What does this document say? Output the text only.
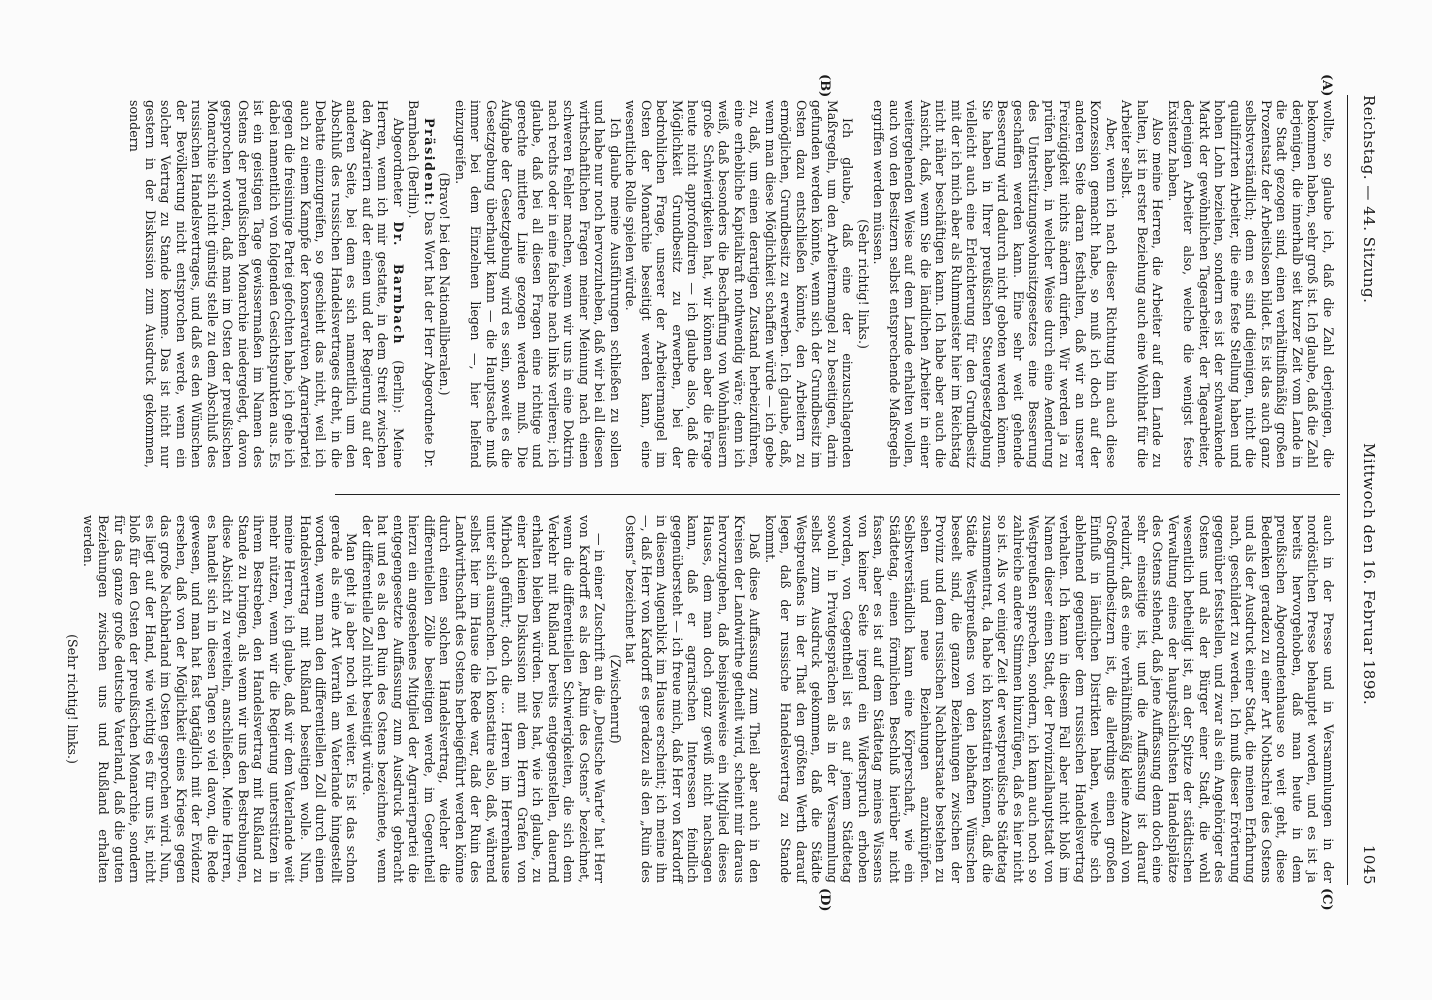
Reichstag. — 44. Sitzung.
Mittwoch den 16. Februar 1898.
1045
(A)
(B)
(C)
(D)

wollte, so glaube ich, daß die Zahl derjenigen, die bekommen haben, sehr groß ist. Ich glaube, daß die Zahl derjenigen, die innerhalb seit kurzer Zeit vom Lande in die Stadt gezogen sind, einen verhältnißmäßig großen Prozentsatz der Arbeitslosen bildet. Es ist das auch ganz selbstverständlich; denn es sind diejenigen, nicht die qualifizirten Arbeiter, die eine feste Stellung haben und hohen Lohn beziehen, sondern es ist der schwankende Markt der gewöhnlichen Tagearbeiter, der Tagearbeiter, derjenigen Arbeiter also, welche die wenigst feste Existenz haben.

Also meine Herren, die Arbeiter auf dem Lande zu halten, ist in erster Beziehung auch eine Wohlthat für die Arbeiter selbst.

Aber, wenn ich nach dieser Richtung hin auch diese Konzession gemacht habe, so muß ich doch auf der anderen Seite daran festhalten, daß wir an unserer Freizügigkeit nichts ändern dürfen. Wir werden ja zu prüfen haben, in welcher Weise durch eine Aenderung des Unterstützungswohnsitzgesetzes eine Besserung geschaffen werden kann. Eine sehr weit gehende Besserung wird dadurch nicht geboten werden können. Sie haben in Ihrer preußischen Steuergesetzgebung vielleicht auch eine Erleichterung für den Grundbesitz mit der ich mich aber als Ruhmmeister hier im Reichstag nicht näher beschäftigen kann. Ich habe aber auch die Ansicht, daß, wenn Sie die ländlichen Arbeiter in einer weitergehenden Weise auf dem Lande erhalten wollen, auch von den Besitzern selbst entsprechende Maßregeln ergriffen werden müssen.

(Sehr richtig! links.)

Ich glaube, daß eine der einzuschlagenden Maßregeln, um den Arbeitermangel zu beseitigen, darin gefunden werden könnte, wenn sich der Grundbesitz im Osten dazu entschließen könnte, den Arbeitern zu ermöglichen, Grundbesitz zu erwerben. Ich glaube, daß, wenn man diese Möglichkeit schaffen würde — ich gebe zu, daß, um einen derartigen Zustand herbeizuführen, eine erhebliche Kapitalkraft nothwendig wäre; denn ich weiß, daß besonders die Beschaffung von Wohnhäusern große Schwierigkeiten hat, wir können aber die Frage heute nicht approfondiren — ich glaube also, daß die Möglichkeit Grundbesitz zu erwerben, bei der bedrohlichen Frage, unserer der Arbeitermangel im Osten der Monarchie beseitigt werden kann, eine wesentliche Rolle spielen würde.

Ich glaube meine Ausführungen schließen zu sollen und habe nur noch hervorzuheben, daß wir bei all diesen wirthschaftlichen Fragen meiner Meinung nach einen schweren Fehler machen, wenn wir uns in eine Doktrin nach rechts oder in eine falsche nach links verlieren; ich glaube, daß bei all diesen Fragen eine richtige und gerechte mittlere Linie gezogen werden muß. Die Aufgabe der Gesetzgebung wird es sein, soweit es die Gesetzgebung überhaupt kann — die Hauptsache muß immer bei dem Einzelnen liegen —, hier helfend einzugreifen.

(Bravo! bei den Nationalliberalen.)

Präsident: Das Wort hat der Herr Abgeordnete Dr. Barnbach (Berlin).

Abgeordneter Dr. Barnbach (Berlin): Meine Herren, wenn ich mir gestatte, in dem Streit zwischen den Agrariern auf der einen und der Regierung auf der anderen Seite, bei dem es sich namentlich um den Abschluß des russischen Handelsvertrages dreht, in die Debatte einzugreifen, so geschieht das nicht, weil ich auch zu einem Kampfe der konservativen Agrarierpartei gegen die freisinnige Partei gefochten habe, ich gehe ich dabei namentlich von folgenden Gesichtspunkten aus. Es ist ein geistigen Tage gewissermaßen im Namen des Ostens der preußischen Monarchie niedergelegt, davon gesprochen worden, daß man im Osten der preußischen Monarchie sich nicht günstig stelle zu dem Abschluß des russischen Handelsvertrages, und daß es den Wünschen der Bevölkerung nicht entsprochen werde, wenn ein solcher Vertrag zu Stande komme. Das ist nicht nur gestern in der Diskussion zum Ausdruck gekommen, sondern

auch in der Presse und in Versammlungen in der nordöstlichen Presse behauptet worden, und es ist ja bereits hervorgehoben, daß man heute in dem preußischen Abgeordnetenhause so weit geht, diese Bedenken geradezu zu einer Art Nothschrei des Ostens und als der Ausdruck einer Stadt, die meinen Erfahrung nach, geschildert zu werden. Ich muß dieser Erörterung gegenüber feststellen, und zwar als ein Angehöriger des Ostens und als der Bürger einer Stadt, die wohl wesentlich betheiligt ist, an der Spitze der städtischen Verwaltung eines der hauptsächlichsten Handelsplätze des Ostens stehend, daß jene Auffassung denn doch eine sehr einseitige ist, und die Auffassung ist darauf reduzirt, daß es eine verhältnißmäßig kleine Anzahl von Großgrundbesitzern ist, die allerdings einen großen Einfluß in ländlichen Distrikten haben, welche sich ablehnend gegenüber dem russischen Handelsvertrag verhalten. Ich kann in diesem Fall aber nicht bloß im Namen dieser einen Stadt, der Provinzialhauptstadt von Westpreußen sprechen, sondern, ich kann auch noch so zahlreiche andere Stimmen hinzufügen, daß es hier nicht so ist. Als vor einiger Zeit der westpreußische Städtetag zusammentrat, da habe ich konstatiren können, daß die Städte Westpreußens von den lebhaften Wünschen beseelt sind, die ganzen Beziehungen zwischen der Provinz und dem russischen Nachbarstaate bestehen zu sehen und neue Beziehungen anzuknüpfen. Selbstverständlich kann eine Körperschaft, wie ein Städtetag, einen förmlichen Beschluß hierüber nicht fassen, aber es ist auf dem Städtetag meines Wissens von keiner Seite irgend ein Widerspruch erhoben worden, von Gegentheil ist es auf jenem Städtetag sowohl in Privatgesprächen als in der Versammlung selbst zum Ausdruck gekommen, daß die Städte Westpreußens in der That den größten Werth darauf legen, daß der russische Handelsvertrag zu Stande kommt.

Daß diese Auffassung zum Theil aber auch in den Kreisen der Landwirthe getheilt wird, scheint mir daraus hervorzugehen, daß beispielsweise ein Mitglied dieses Hauses, dem man doch ganz gewiß nicht nachsagen kann, daß er agrarischen Interessen feindlich gegenübersteht — ich freue mich, daß Herr von Kardorff in diesem Augenblick im Hause erscheint; ich meine ihn —, daß Herr von Kardorff es geradezu als den „Ruin des Ostens“ bezeichnet hat

(Zwischenruf)

— in einer Zuschrift an die „Deutsche Warte“ hat Herr von Kardorff es als den „Ruin des Ostens“ bezeichnet, wenn die differentiellen Schwierigkeiten, die sich dem Verkehr mit Rußland bereits entgegenstellen, dauernd erhalten bleiben würden. Dies hat, wie ich glaube, zu einer kleinen Diskussion mit dem Herrn Grafen von Mirbach geführt; doch die ... Herren im Herrenhause unter sich ausmachen. Ich konstatire also, daß, während selbst hier im Hause die Rede war, daß der Ruin des Landwirthschaft des Ostens herbeigeführt werden könne durch einen solchen Handelsvertrag, welcher die differentiellen Zölle beseitigen werde, im Gegentheil hierzu ein angesehenes Mitglied der Agrarierpartei die entgegengesetzte Auffassung zum Ausdruck gebracht hat und es als den Ruin des Ostens bezeichnete, wenn der differentielle Zoll nicht beseitigt würde.

Man geht ja aber noch viel weiter. Es ist das schon gerade als eine Art Verrath am Vaterlande hingestellt worden, wenn man den differentiellen Zoll durch einen Handelsvertrag mit Rußland beseitigen wolle. Nun, meine Herren, ich glaube, daß wir dem Vaterlande weit mehr nützen, wenn wir die Regierung unterstützen in ihrem Bestreben, den Handelsvertrag mit Rußland zu Stande zu bringen, als wenn wir uns den Bestrebungen, diese Absicht zu vereiteln, anschließen. Meine Herren, es handelt sich in diesen Tagen so viel davon, die Rede gewesen, und man hat fast tagtäglich mit der Evidenz ersehen, daß von der Möglichkeit eines Krieges gegen das große Nachbarland im Osten gesprochen wird. Nun, es liegt auf der Hand, wie wichtig es für uns ist, nicht bloß für den Osten der preußischen Monarchie, sondern für das ganze große deutsche Vaterland, daß die guten Beziehungen zwischen uns und Rußland erhalten werden.

(Sehr richtig! links.)
